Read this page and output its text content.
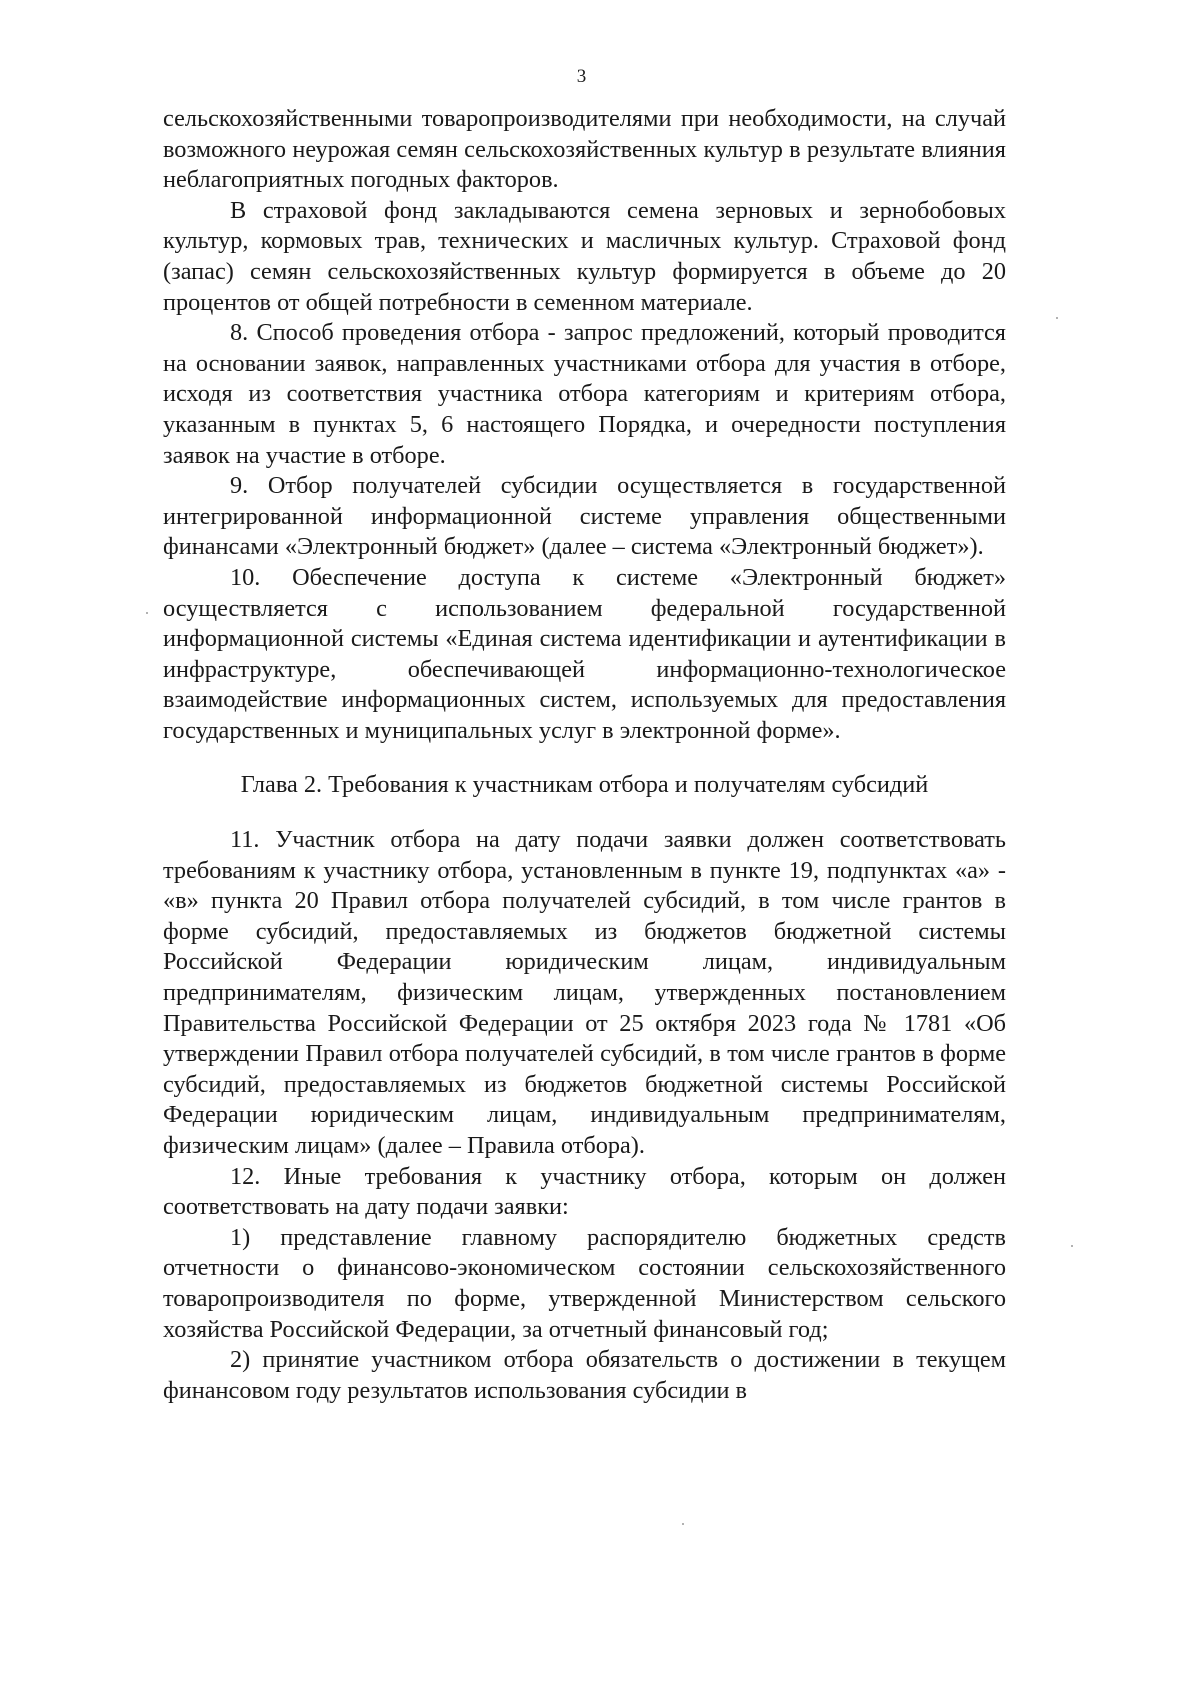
3

сельскохозяйственными товаропроизводителями при необходимости, на случай возможного неурожая семян сельскохозяйственных культур в результате влияния неблагоприятных погодных факторов.

В страховой фонд закладываются семена зерновых и зернобобовых культур, кормовых трав, технических и масличных культур. Страховой фонд (запас) семян сельскохозяйственных культур формируется в объеме до 20 процентов от общей потребности в семенном материале.

8. Способ проведения отбора - запрос предложений, который проводится на основании заявок, направленных участниками отбора для участия в отборе, исходя из соответствия участника отбора категориям и критериям отбора, указанным в пунктах 5, 6 настоящего Порядка, и очередности поступления заявок на участие в отборе.

9. Отбор получателей субсидии осуществляется в государственной интегрированной информационной системе управления общественными финансами «Электронный бюджет» (далее – система «Электронный бюджет»).

10. Обеспечение доступа к системе «Электронный бюджет» осуществляется с использованием федеральной государственной информационной системы «Единая система идентификации и аутентификации в инфраструктуре, обеспечивающей информационно-технологическое взаимодействие информационных систем, используемых для предоставления государственных и муниципальных услуг в электронной форме».

Глава 2. Требования к участникам отбора и получателям субсидий

11. Участник отбора на дату подачи заявки должен соответствовать требованиям к участнику отбора, установленным в пункте 19, подпунктах «а» - «в» пункта 20 Правил отбора получателей субсидий, в том числе грантов в форме субсидий, предоставляемых из бюджетов бюджетной системы Российской Федерации юридическим лицам, индивидуальным предпринимателям, физическим лицам, утвержденных постановлением Правительства Российской Федерации от 25 октября 2023 года № 1781 «Об утверждении Правил отбора получателей субсидий, в том числе грантов в форме субсидий, предоставляемых из бюджетов бюджетной системы Российской Федерации юридическим лицам, индивидуальным предпринимателям, физическим лицам» (далее – Правила отбора).

12. Иные требования к участнику отбора, которым он должен соответствовать на дату подачи заявки:

1) представление главному распорядителю бюджетных средств отчетности о финансово-экономическом состоянии сельскохозяйственного товаропроизводителя по форме, утвержденной Министерством сельского хозяйства Российской Федерации, за отчетный финансовый год;

2) принятие участником отбора обязательств о достижении в текущем финансовом году результатов использования субсидии в
